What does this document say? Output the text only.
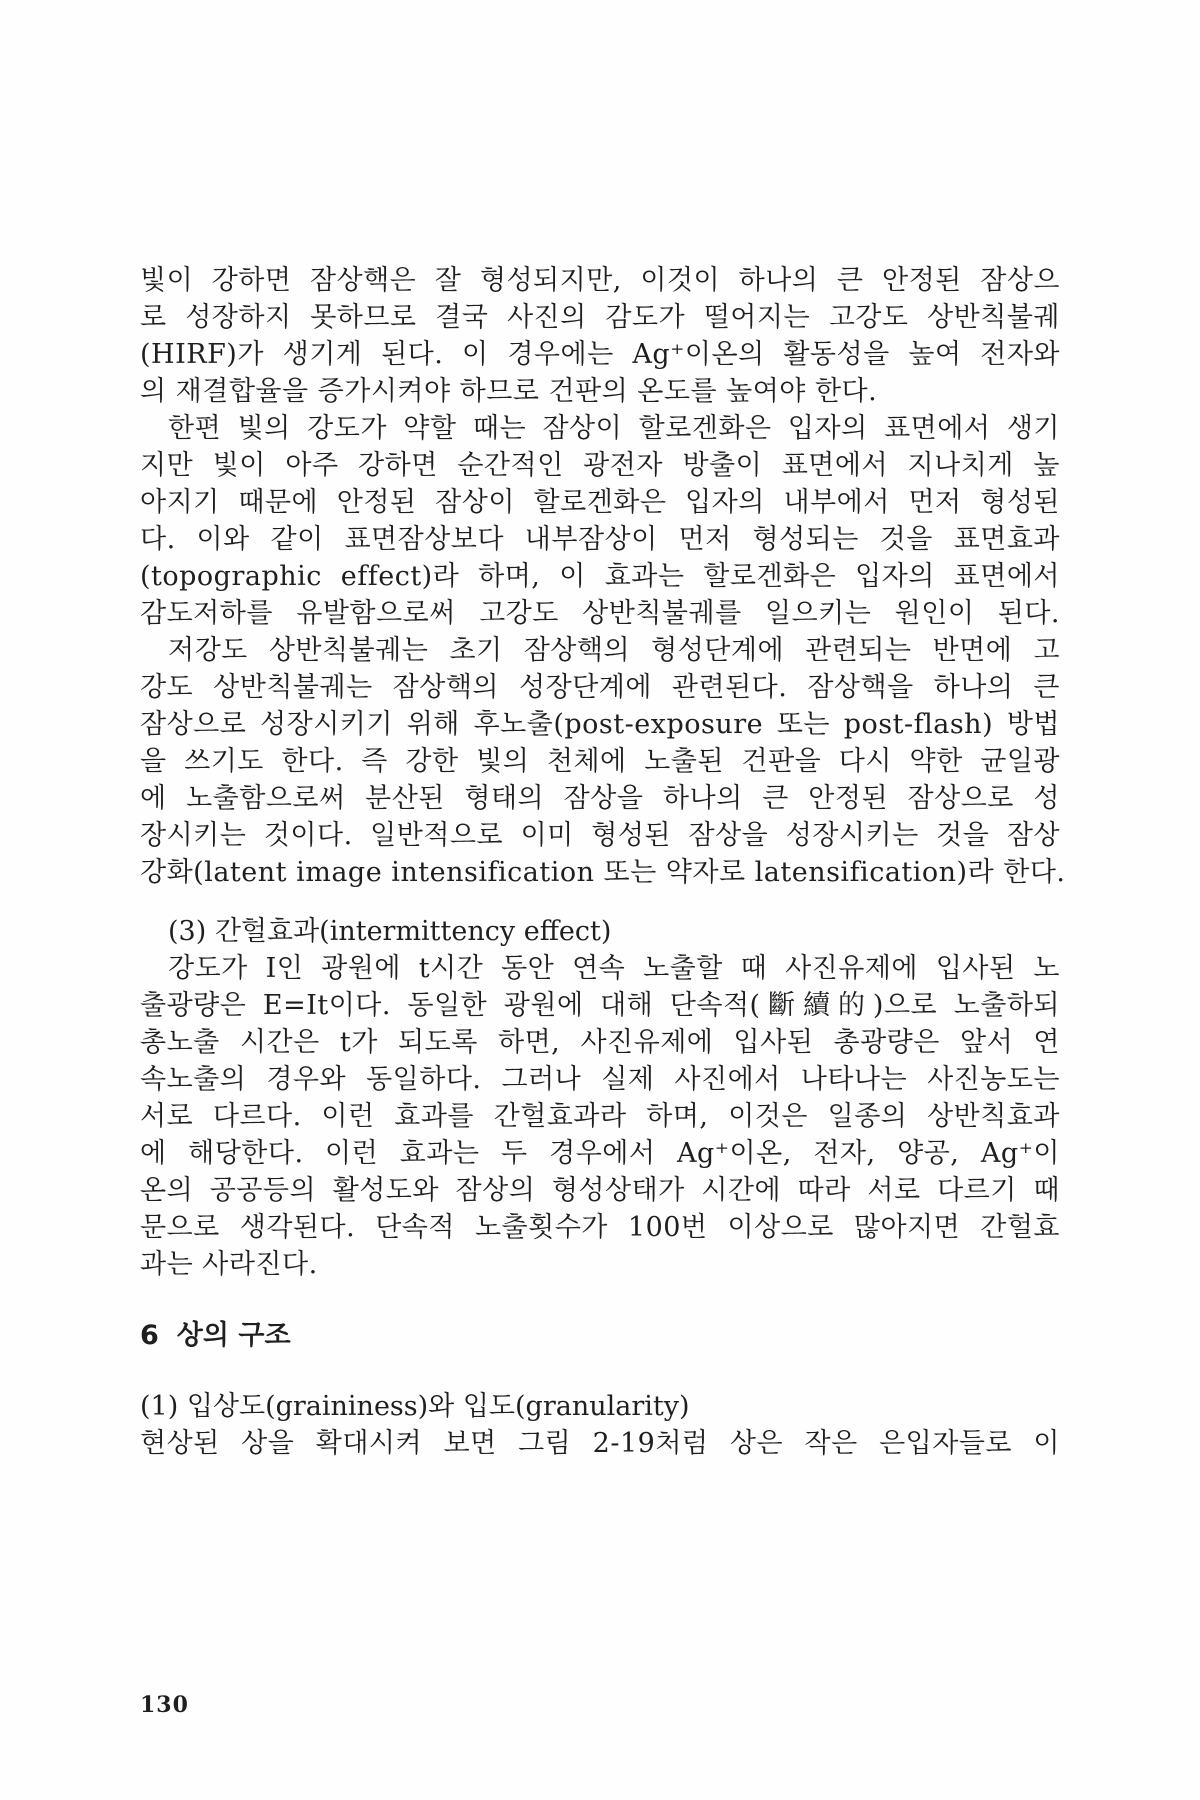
빛이 강하면 잠상핵은 잘 형성되지만, 이것이 하나의 큰 안정된 잠상으
로 성장하지 못하므로 결국 사진의 감도가 떨어지는 고강도 상반칙불궤
(HIRF)가 생기게 된다. 이 경우에는 Ag⁺이온의 활동성을 높여 전자와
의 재결합율을 증가시켜야 하므로 건판의 온도를 높여야 한다.
한편 빛의 강도가 약할 때는 잠상이 할로겐화은 입자의 표면에서 생기
지만 빛이 아주 강하면 순간적인 광전자 방출이 표면에서 지나치게 높
아지기 때문에 안정된 잠상이 할로겐화은 입자의 내부에서 먼저 형성된
다. 이와 같이 표면잠상보다 내부잠상이 먼저 형성되는 것을 표면효과
(topographic effect)라 하며, 이 효과는 할로겐화은 입자의 표면에서
감도저하를 유발함으로써 고강도 상반칙불궤를 일으키는 원인이 된다.
저강도 상반칙불궤는 초기 잠상핵의 형성단계에 관련되는 반면에 고
강도 상반칙불궤는 잠상핵의 성장단계에 관련된다. 잠상핵을 하나의 큰
잠상으로 성장시키기 위해 후노출(post-exposure 또는 post-flash) 방법
을 쓰기도 한다. 즉 강한 빛의 천체에 노출된 건판을 다시 약한 균일광
에 노출함으로써 분산된 형태의 잠상을 하나의 큰 안정된 잠상으로 성
장시키는 것이다. 일반적으로 이미 형성된 잠상을 성장시키는 것을 잠상
강화(latent image intensification 또는 약자로 latensification)라 한다.
(3) 간헐효과(intermittency effect)
강도가 I인 광원에 t시간 동안 연속 노출할 때 사진유제에 입사된 노
출광량은 E=It이다. 동일한 광원에 대해 단속적(斷續的)으로 노출하되
총노출 시간은 t가 되도록 하면, 사진유제에 입사된 총광량은 앞서 연
속노출의 경우와 동일하다. 그러나 실제 사진에서 나타나는 사진농도는
서로 다르다. 이런 효과를 간헐효과라 하며, 이것은 일종의 상반칙효과
에 해당한다. 이런 효과는 두 경우에서 Ag⁺이온, 전자, 양공, Ag⁺이
온의 공공등의 활성도와 잠상의 형성상태가 시간에 따라 서로 다르기 때
문으로 생각된다. 단속적 노출횟수가 100번 이상으로 많아지면 간헐효
과는 사라진다.
6 상의 구조
(1) 입상도(graininess)와 입도(granularity)
현상된 상을 확대시켜 보면 그림 2-19처럼 상은 작은 은입자들로 이
130
